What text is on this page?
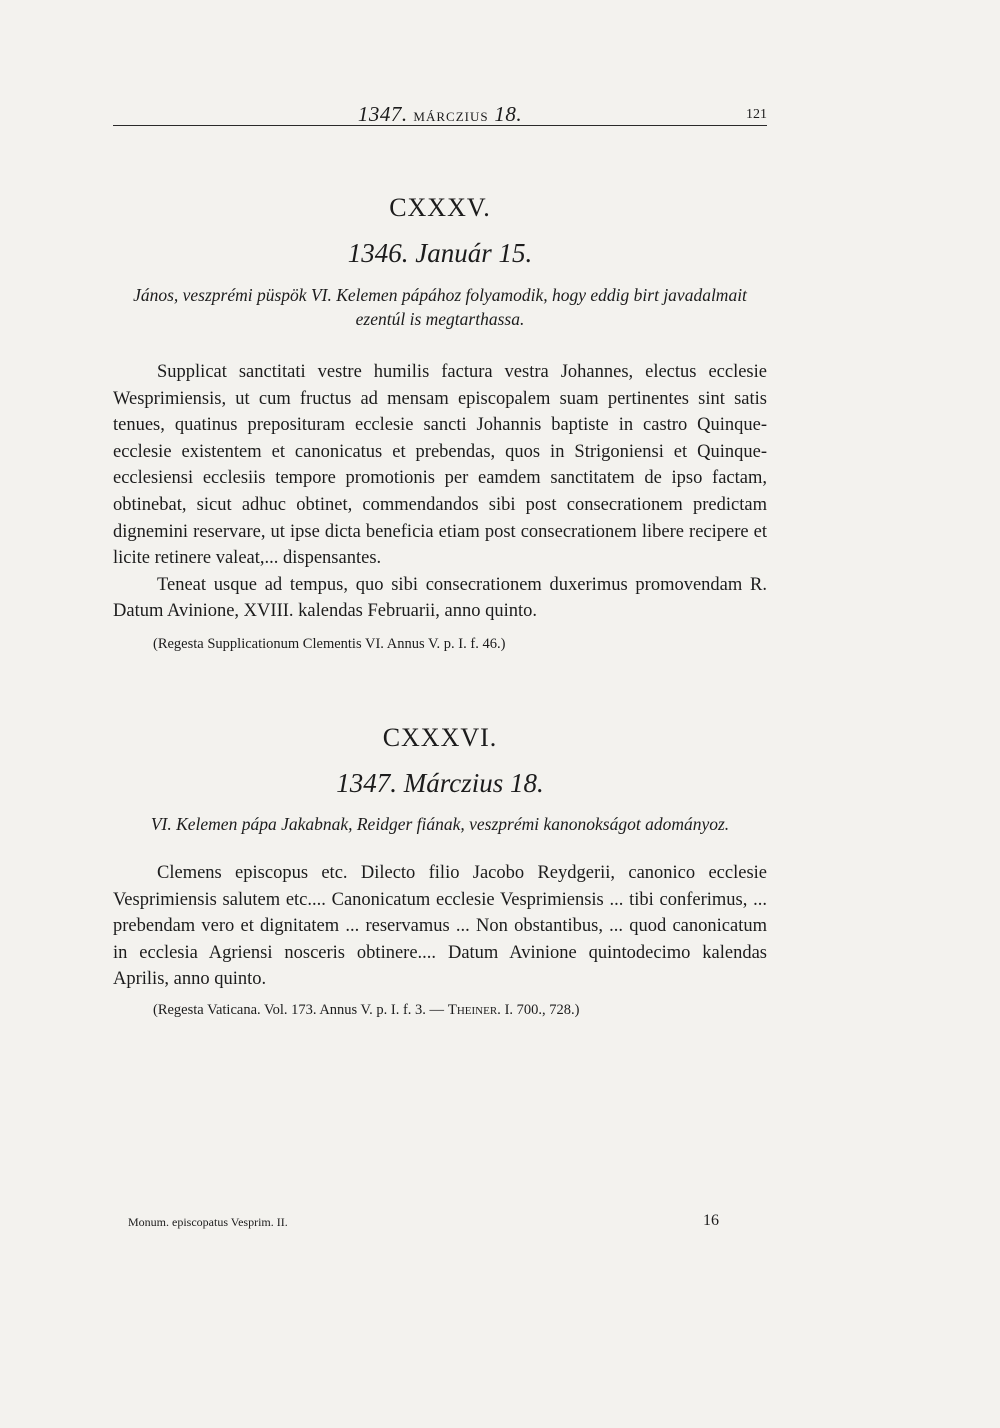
1347. MÁRCZIUS 18.	121
CXXXV.
1346. Január 15.
János, veszprémi püspök VI. Kelemen pápához folyamodik, hogy eddig birt javadalmait ezentúl is megtarthassa.

Supplicat sanctitati vestre humilis factura vestra Johannes, electus ecclesie Wesprimiensis, ut cum fructus ad mensam episcopalem suam pertinentes sint satis tenues, quatinus preposituram ecclesie sancti Johannis baptiste in castro Quinque-ecclesie existentem et canonicatus et prebendas, quos in Strigoniensi et Quinque-ecclesiensi ecclesiis tempore promotionis per eamdem sanctitatem de ipso factam, obtinebat, sicut adhuc obtinet, commendandos sibi post consecrationem predictam dignemini reservare, ut ipse dicta beneficia etiam post consecrationem libere recipere et licite retinere valeat,... dispensantes.

Teneat usque ad tempus, quo sibi consecrationem duxerimus promovendam R. Datum Avinione, XVIII. kalendas Februarii, anno quinto.

(Regesta Supplicationum Clementis VI. Annus V. p. I. f. 46.)
CXXXVI.
1347. Márczius 18.
VI. Kelemen pápa Jakabnak, Reidger fiának, veszprémi kanonokságot adományoz.

Clemens episcopus etc. Dilecto filio Jacobo Reydgerii, canonico ecclesie Vesprimiensis salutem etc.... Canonicatum ecclesie Vesprimiensis ... tibi conferimus, ... prebendam vero et dignitatem ... reservamus ... Non obstantibus, ... quod canonicatum in ecclesia Agriensi nosceris obtinere.... Datum Avinione quintodecimo kalendas Aprilis, anno quinto.

(Regesta Vaticana. Vol. 173. Annus V. p. I. f. 3. — Theiner. I. 700., 728.)
Monum. episcopatus Vesprim. II.	16
